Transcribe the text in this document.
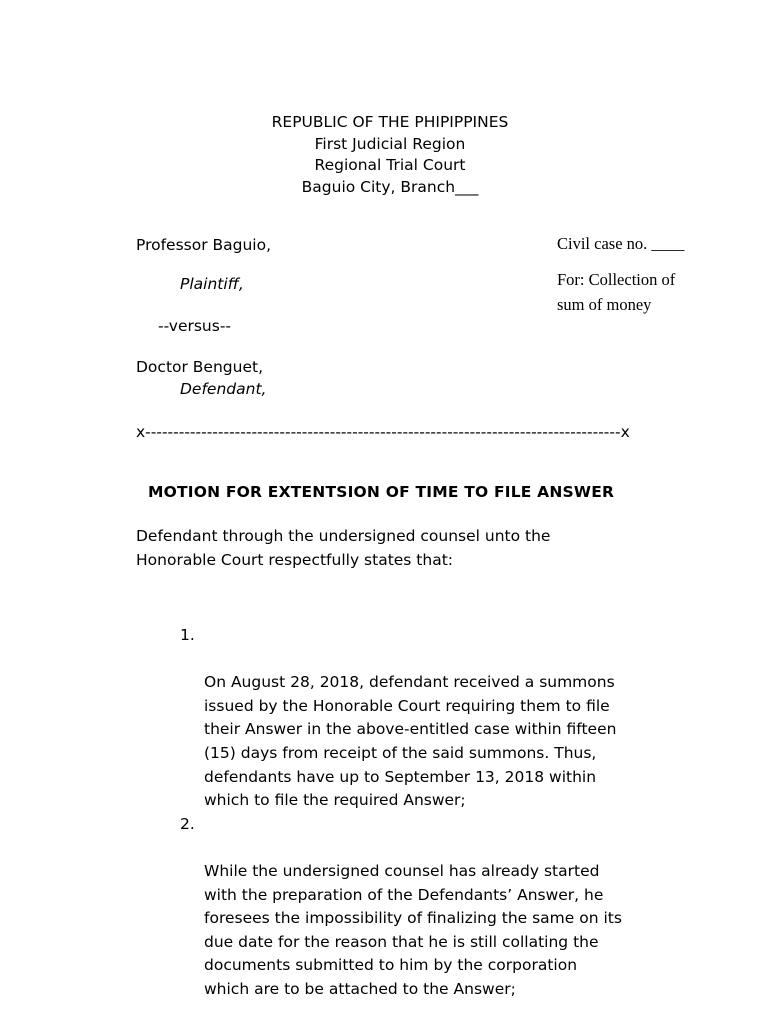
REPUBLIC OF THE PHIPIPPINES
First Judicial Region
Regional Trial Court
Baguio City, Branch___
Professor Baguio,
Plaintiff,
--versus--
Doctor Benguet,
Defendant,
Civil case no. ____
For: Collection of
sum of money
x-------------------------------------------------------------------------------------x
MOTION FOR EXTENTSION OF TIME TO FILE ANSWER
Defendant through the undersigned counsel unto the
Honorable Court respectfully states that:

1.

On August 28, 2018, defendant received a summons
issued by the Honorable Court requiring them to file
their Answer in the above-entitled case within fifteen
(15) days from receipt of the said summons. Thus,
defendants have up to September 13, 2018 within
which to file the required Answer;

2.

While the undersigned counsel has already started
with the preparation of the Defendants’ Answer, he
foresees the impossibility of finalizing the same on its
due date for the reason that he is still collating the
documents submitted to him by the corporation
which are to be attached to the Answer;
